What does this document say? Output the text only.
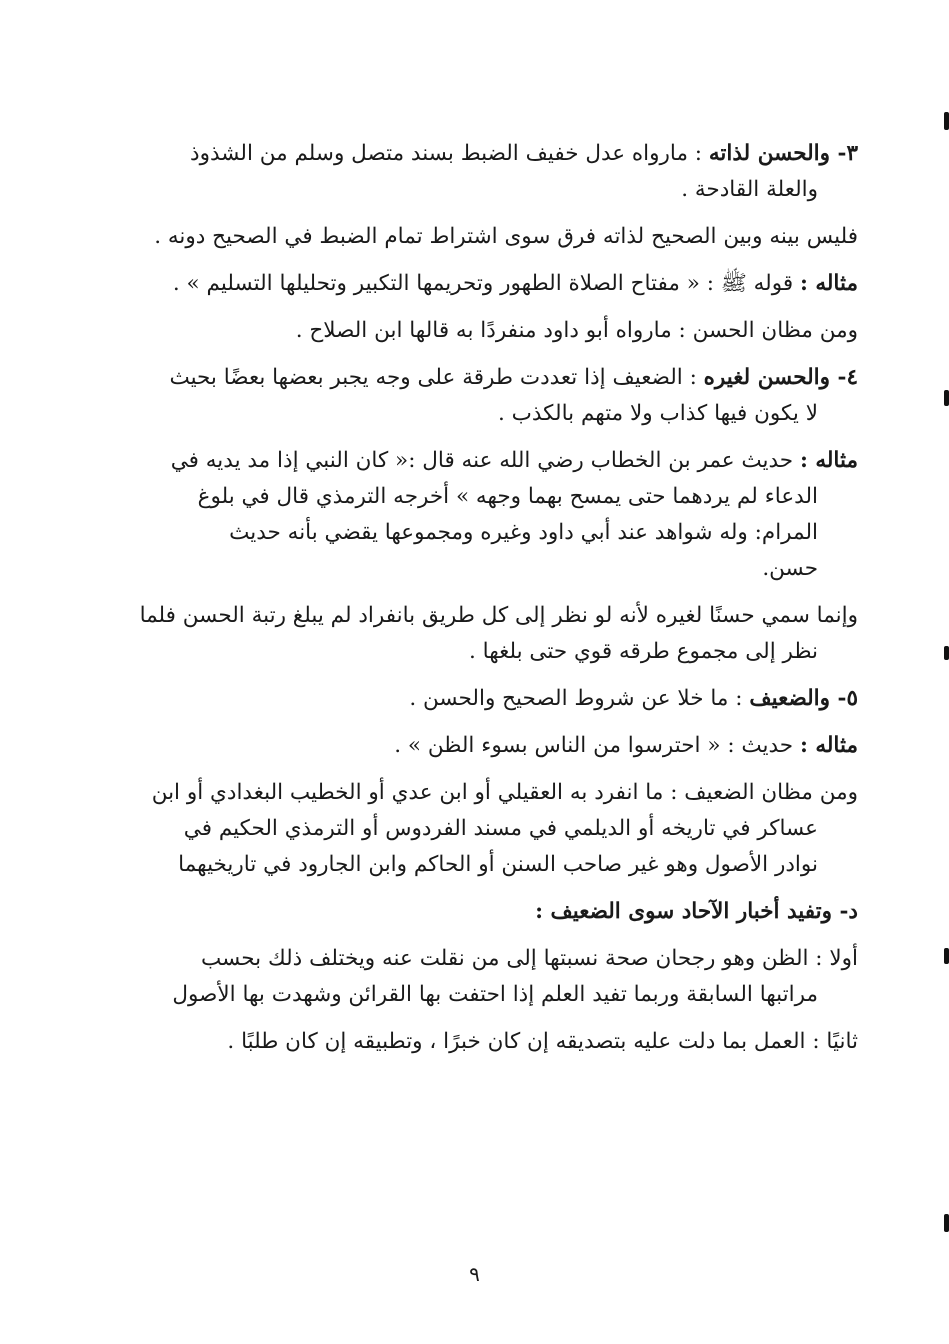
٣- والحسن لذاته : مارواه عدل خفيف الضبط بسند متصل وسلم من الشذوذ
والعلة القادحة .

فليس بينه وبين الصحيح لذاته فرق سوى اشتراط تمام الضبط في الصحيح دونه .

مثاله : قوله ﷺ : « مفتاح الصلاة الطهور وتحريمها التكبير وتحليلها التسليم » .

ومن مظان الحسن : مارواه أبو داود منفردًا به قالها ابن الصلاح .

٤- والحسن لغيره : الضعيف إذا تعددت طرقة على وجه يجبر بعضها بعضًا بحيث
لا يكون فيها كذاب ولا متهم بالكذب .

مثاله : حديث عمر بن الخطاب رضي الله عنه قال :« كان النبي إذا مد يديه في
الدعاء لم يردهما حتى يمسح بهما وجهه » أخرجه الترمذي قال في بلوغ
المرام: وله شواهد عند أبي داود وغيره ومجموعها يقضي بأنه حديث
حسن.

وإنما سمي حسنًا لغيره لأنه لو نظر إلى كل طريق بانفراد لم يبلغ رتبة الحسن فلما
نظر إلى مجموع طرقه قوي حتى بلغها .

٥- والضعيف : ما خلا عن شروط الصحيح والحسن .

مثاله : حديث : « احترسوا من الناس بسوء الظن » .

ومن مظان الضعيف : ما انفرد به العقيلي أو ابن عدي أو الخطيب البغدادي أو ابن
عساكر في تاريخه أو الديلمي في مسند الفردوس أو الترمذي الحكيم في
نوادر الأصول وهو غير صاحب السنن أو الحاكم وابن الجارود في تاريخيهما

د- وتفيد أخبار الآحاد سوى الضعيف :

أولا : الظن وهو رجحان صحة نسبتها إلى من نقلت عنه ويختلف ذلك بحسب
مراتبها السابقة وربما تفيد العلم إذا احتفت بها القرائن وشهدت بها الأصول

ثانيًا : العمل بما دلت عليه بتصديقه إن كان خبرًا ، وتطبيقه إن كان طلبًا .

٩
